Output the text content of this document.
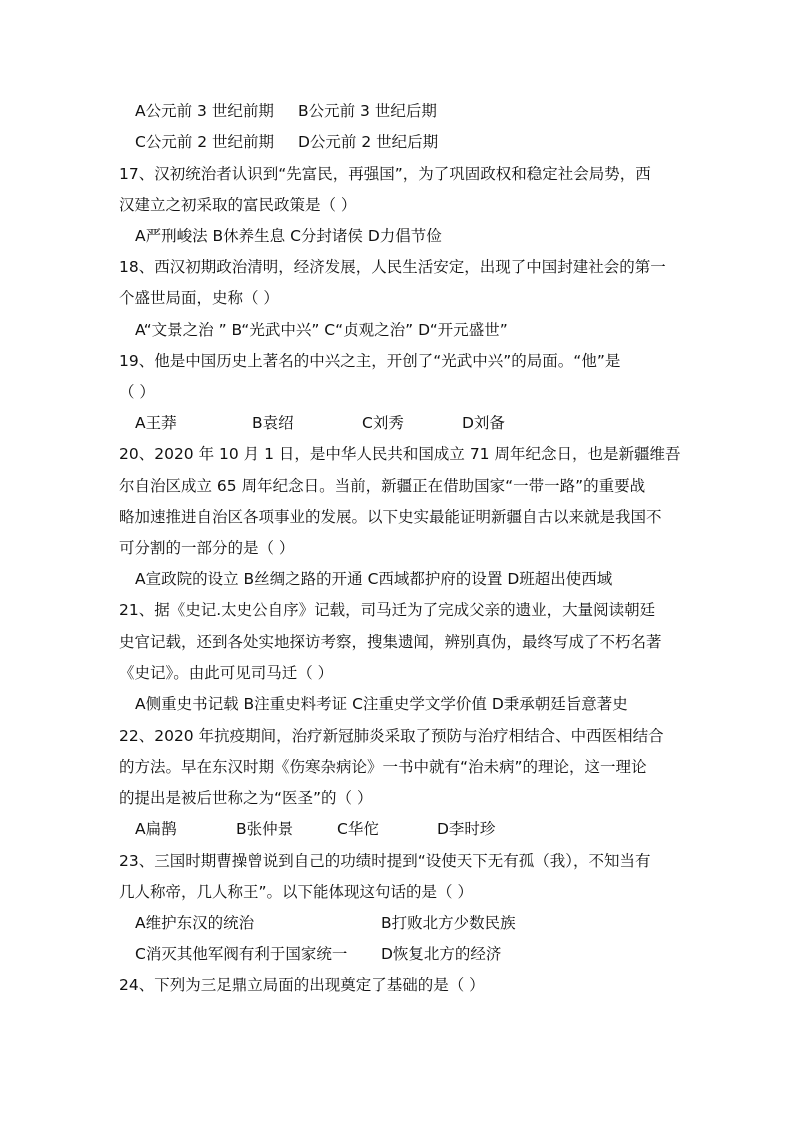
A公元前 3 世纪前期 B公元前 3 世纪后期
C公元前 2 世纪前期 D公元前 2 世纪后期
17、汉初统治者认识到“先富民，再强国”，为了巩固政权和稳定社会局势，西
汉建立之初采取的富民政策是（ ）
A严刑峻法 B休养生息 C分封诸侯 D力倡节俭
18、西汉初期政治清明，经济发展，人民生活安定，出现了中国封建社会的第一
个盛世局面，史称（ ）
A“文景之治 ” B“光武中兴” C“贞观之治” D“开元盛世”
19、他是中国历史上著名的中兴之主，开创了“光武中兴”的局面。“他”是
（ ）
A王莽	B袁绍	C刘秀	D刘备
20、2020 年 10 月 1 日，是中华人民共和国成立 71 周年纪念日，也是新疆维吾
尔自治区成立 65 周年纪念日。当前，新疆正在借助国家“一带一路”的重要战
略加速推进自治区各项事业的发展。以下史实最能证明新疆自古以来就是我国不
可分割的一部分的是（ ）
A宣政院的设立 B丝绸之路的开通 C西域都护府的设置 D班超出使西域
21、据《史记.太史公自序》记载，司马迁为了完成父亲的遗业，大量阅读朝廷
史官记载，还到各处实地探访考察，搜集遗闻，辨别真伪，最终写成了不朽名著
《史记》。由此可见司马迁（ ）
A侧重史书记载 B注重史料考证 C注重史学文学价值 D秉承朝廷旨意著史
22、2020 年抗疫期间，治疗新冠肺炎采取了预防与治疗相结合、中西医相结合
的方法。早在东汉时期《伤寒杂病论》一书中就有“治未病”的理论，这一理论
的提出是被后世称之为“医圣”的（ ）
A扁鹊	B张仲景	C华佗	D李时珍
23、三国时期曹操曾说到自己的功绩时提到“设使天下无有孤（我），不知当有
几人称帝，几人称王”。以下能体现这句话的是（ ）
A维护东汉的统治	B打败北方少数民族
C消灭其他军阀有利于国家统一 D恢复北方的经济
24、下列为三足鼎立局面的出现奠定了基础的是（ ）
